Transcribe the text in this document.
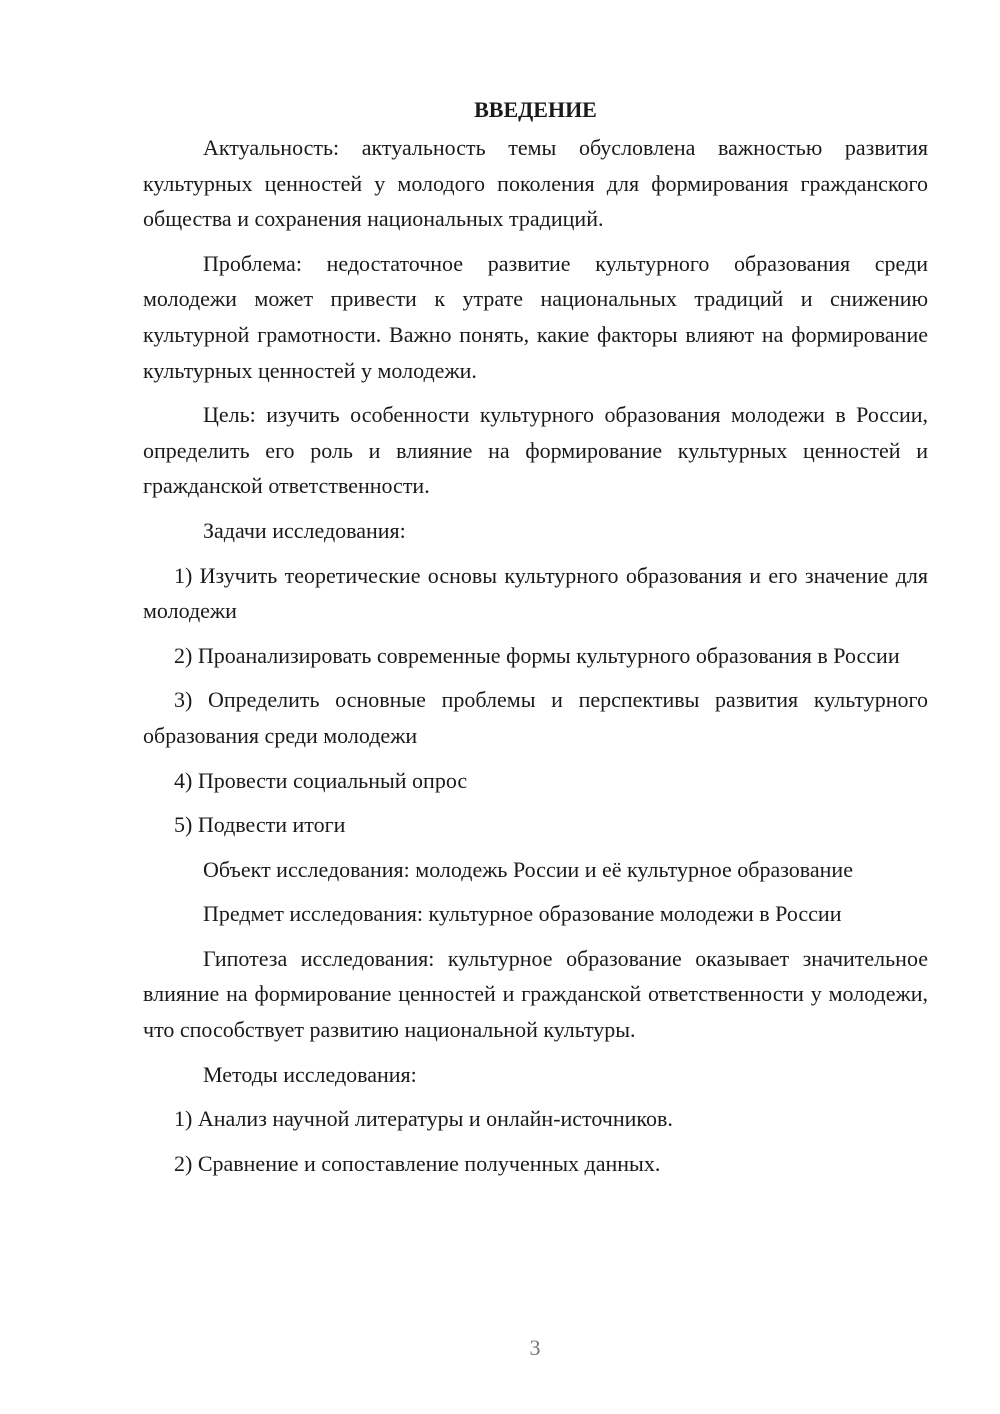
ВВЕДЕНИЕ

Актуальность: актуальность темы обусловлена важностью развития культурных ценностей у молодого поколения для формирования гражданского общества и сохранения национальных традиций.

Проблема: недостаточное развитие культурного образования среди молодежи может привести к утрате национальных традиций и снижению культурной грамотности. Важно понять, какие факторы влияют на формирование культурных ценностей у молодежи.

Цель: изучить особенности культурного образования молодежи в России, определить его роль и влияние на формирование культурных ценностей и гражданской ответственности.

Задачи исследования:

1) Изучить теоретические основы культурного образования и его значение для молодежи

2) Проанализировать современные формы культурного образования в России

3) Определить основные проблемы и перспективы развития культурного образования среди молодежи

4) Провести социальный опрос

5) Подвести итоги

Объект исследования: молодежь России и её культурное образование

Предмет исследования: культурное образование молодежи в России

Гипотеза исследования: культурное образование оказывает значительное влияние на формирование ценностей и гражданской ответственности у молодежи, что способствует развитию национальной культуры.

Методы исследования:

1) Анализ научной литературы и онлайн-источников.

2) Сравнение и сопоставление полученных данных.

3
